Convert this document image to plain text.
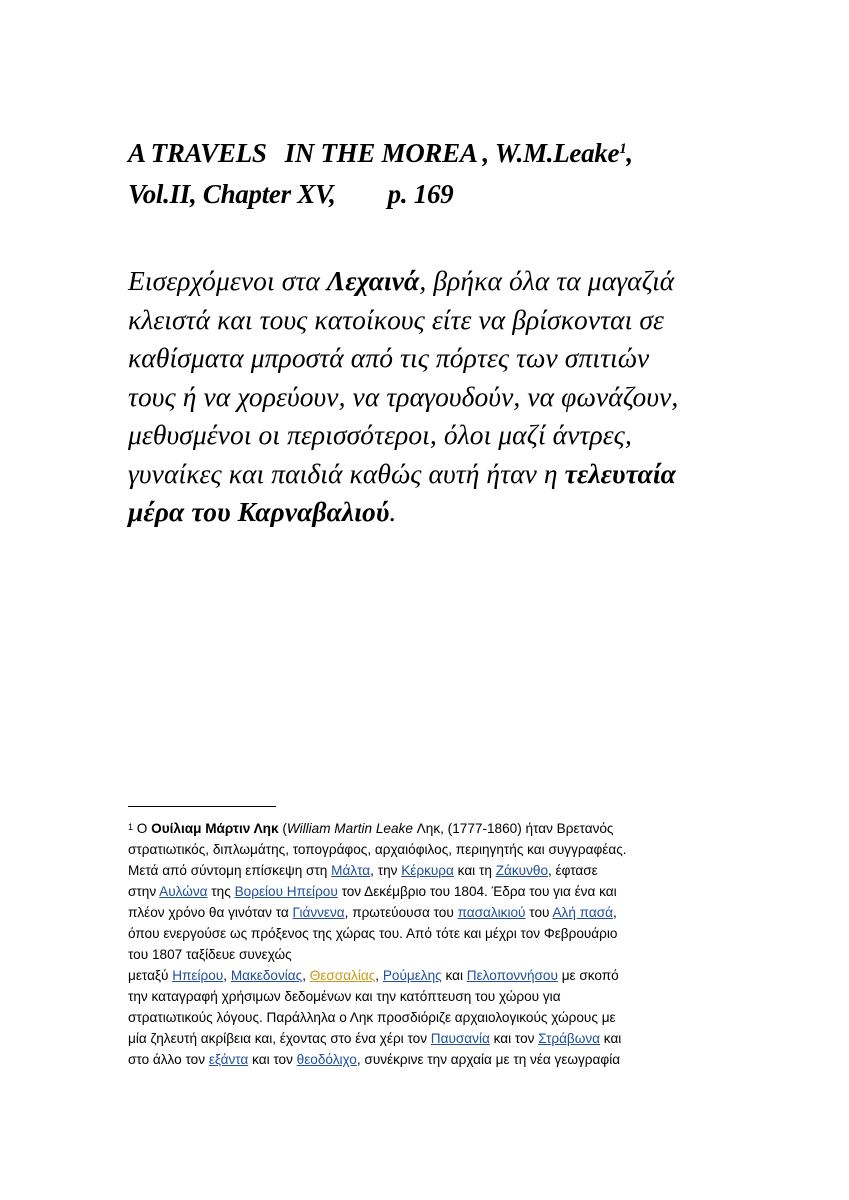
A TRAVELS IN THE MOREA , W.M.Leake$^1$,
Vol.II, Chapter XV, p. 169

Εισερχόμενοι στα Λεχαινά, βρήκα όλα τα μαγαζιά
κλειστά και τους κατοίκους είτε να βρίσκονται σε
καθίσματα μπροστά από τις πόρτες των σπιτιών
τους ή να χορεύουν, να τραγουδούν, να φωνάζουν,
μεθυσμένοι οι περισσότεροι, όλοι μαζί άντρες,
γυναίκες και παιδιά καθώς αυτή ήταν η τελευταία
μέρα του Καρναβαλιού.

$^1$ Ο Ουίλιαμ Μάρτιν Ληκ (William Martin Leake Ληκ, (1777-1860) ήταν Βρετανός
στρατιωτικός, διπλωμάτης, τοπογράφος, αρχαιόφιλος, περιηγητής και συγγραφέας.
Μετά από σύντομη επίσκεψη στη Μάλτα, την Κέρκυρα και τη Ζάκυνθο, έφτασε
στην Αυλώνα της Βορείου Ηπείρου τον Δεκέμβριο του 1804. Έδρα του για ένα και
πλέον χρόνο θα γινόταν τα Γιάννενα, πρωτεύουσα του πασαλικιού του Αλή πασά,
όπου ενεργούσε ως πρόξενος της χώρας του. Από τότε και μέχρι τον Φεβρουάριο
του 1807 ταξίδευε συνεχώς
μεταξύ Ηπείρου, Μακεδονίας, Θεσσαλίας, Ρούμελης και Πελοποννήσου με σκοπό
την καταγραφή χρήσιμων δεδομένων και την κατόπτευση του χώρου για
στρατιωτικούς λόγους. Παράλληλα ο Ληκ προσδιόριζε αρχαιολογικούς χώρους με
μία ζηλευτή ακρίβεια και, έχοντας στο ένα χέρι τον Παυσανία και τον Στράβωνα και
στο άλλο τον εξάντα και τον θεοδόλιχο, συνέκρινε την αρχαία με τη νέα γεωγραφία
